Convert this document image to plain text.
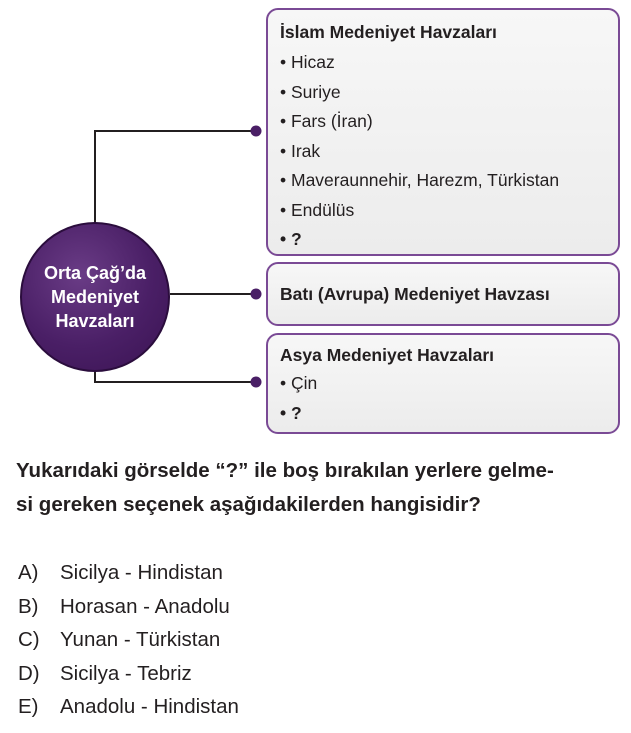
Orta Çağ’da Medeniyet Havzaları
İslam Medeniyet Havzaları
• Hicaz
• Suriye
• Fars (İran)
• Irak
• Maveraunnehir, Harezm, Türkistan
• Endülüs
• ?
Batı (Avrupa) Medeniyet Havzası
Asya Medeniyet Havzaları
• Çin
• ?
Yukarıdaki görselde “?” ile boş bırakılan yerlere gelme-
si gereken seçenek aşağıdakilerden hangisidir?
A)	Sicilya - Hindistan
B)	Horasan - Anadolu
C) Yunan - Türkistan
D) Sicilya - Tebriz
E)	Anadolu - Hindistan
